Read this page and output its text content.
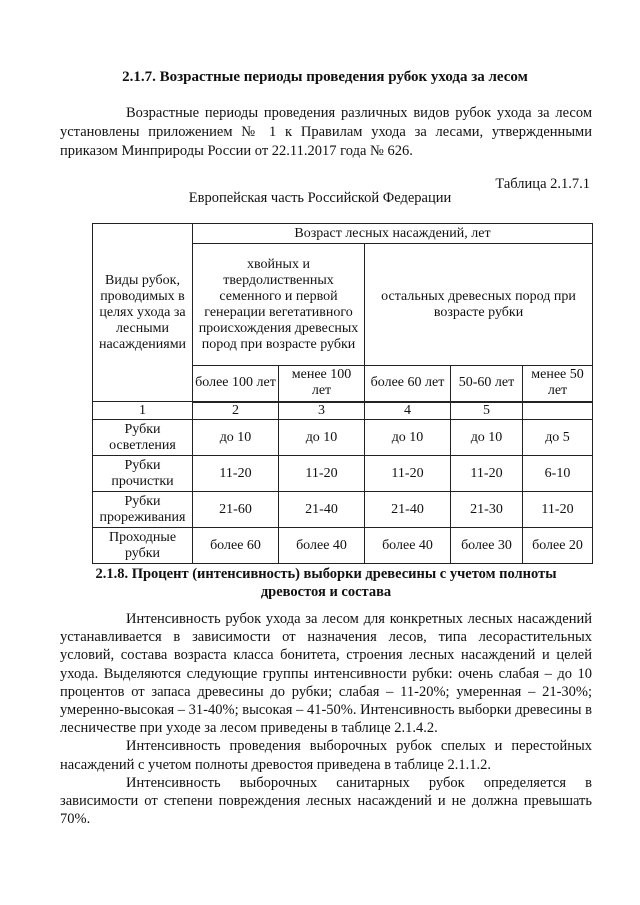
2.1.7. Возрастные периоды проведения рубок ухода за лесом
Возрастные периоды проведения различных видов рубок ухода за лесом установлены приложением № 1 к Правилам ухода за лесами, утвержденными приказом Минприроды России от 22.11.2017 года № 626.
Таблица 2.1.7.1
Европейская часть Российской Федерации
Виды рубок, проводимых в целях ухода за лесными насаждениями	Возраст лесных насаждений, лет				
	хвойных и твердолиственных семенного и первой генерации вегетативного происхождения древесных пород при возрасте рубки		остальных древесных пород при возрасте рубки		
	более 100 лет	менее 100 лет	более 60 лет	50-60 лет	менее 50 лет
1	2	3	4	5	
Рубки осветления	до 10	до 10	до 10	до 10	до 5
Рубки прочистки	11-20	11-20	11-20	11-20	6-10
Рубки прореживания	21-60	21-40	21-40	21-30	11-20
Проходные рубки	более 60	более 40	более 40	более 30	более 20
2.1.8. Процент (интенсивность) выборки древесины с учетом полноты древостоя и состава

Интенсивность рубок ухода за лесом для конкретных лесных насаждений устанавливается в зависимости от назначения лесов, типа лесорастительных условий, состава возраста класса бонитета, строения лесных насаждений и целей ухода. Выделяются следующие группы интенсивности рубки: очень слабая – до 10 процентов от запаса древесины до рубки; слабая – 11-20%; умеренная – 21-30%; умеренно-высокая – 31-40%; высокая – 41-50%. Интенсивность выборки древесины в лесничестве при уходе за лесом приведены в таблице 2.1.4.2.

Интенсивность проведения выборочных рубок спелых и перестойных насаждений с учетом полноты древостоя приведена в таблице 2.1.1.2.

Интенсивность выборочных санитарных рубок определяется в зависимости от степени повреждения лесных насаждений и не должна превышать 70%.
